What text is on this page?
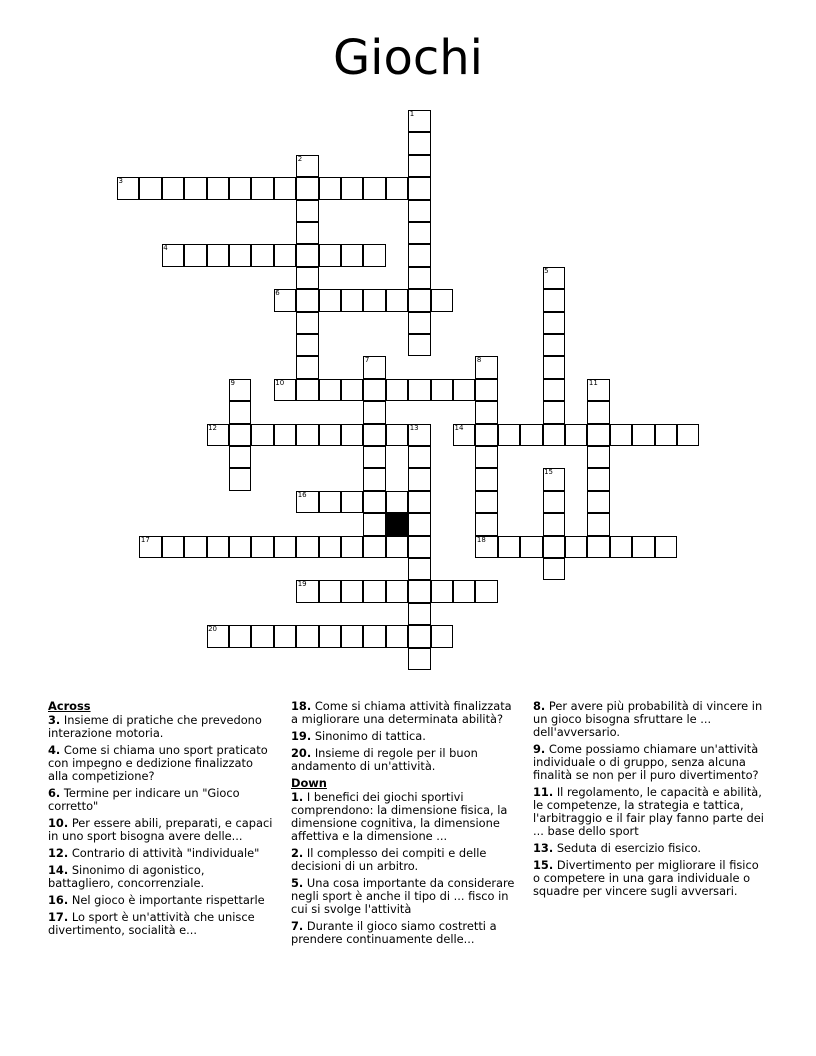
Giochi
1
2
3
4
5
6
7	8
9	10	11
12	13	14
15
16
17	18
19
20
Across
3. Insieme di pratiche che prevedono interazione motoria.
4. Come si chiama uno sport praticato con impegno e dedizione finalizzato alla competizione?
6. Termine per indicare un "Gioco corretto"
10. Per essere abili, preparati, e capaci in uno sport bisogna avere delle...
12. Contrario di attività "individuale"
14. Sinonimo di agonistico, battagliero, concorrenziale.
16. Nel gioco è importante rispettarle
17. Lo sport è un'attività che unisce divertimento, socialità e...
18. Come si chiama attività finalizzata a migliorare una determinata abilità?
19. Sinonimo di tattica.
20. Insieme di regole per il buon andamento di un'attività.
Down
1. I benefici dei giochi sportivi comprendono: la dimensione fisica, la dimensione cognitiva, la dimensione affettiva e la dimensione ...
2. Il complesso dei compiti e delle decisioni di un arbitro.
5. Una cosa importante da considerare negli sport è anche il tipo di ... fisco in cui si svolge l'attività
7. Durante il gioco siamo costretti a prendere continuamente delle...
8. Per avere più probabilità di vincere in un gioco bisogna sfruttare le ... dell'avversario.
9. Come possiamo chiamare un'attività individuale o di gruppo, senza alcuna finalità se non per il puro divertimento?
11. Il regolamento, le capacità e abilità, le competenze, la strategia e tattica, l'arbitraggio e il fair play fanno parte dei ... base dello sport
13. Seduta di esercizio fisico.
15. Divertimento per migliorare il fisico o competere in una gara individuale o squadre per vincere sugli avversari.
